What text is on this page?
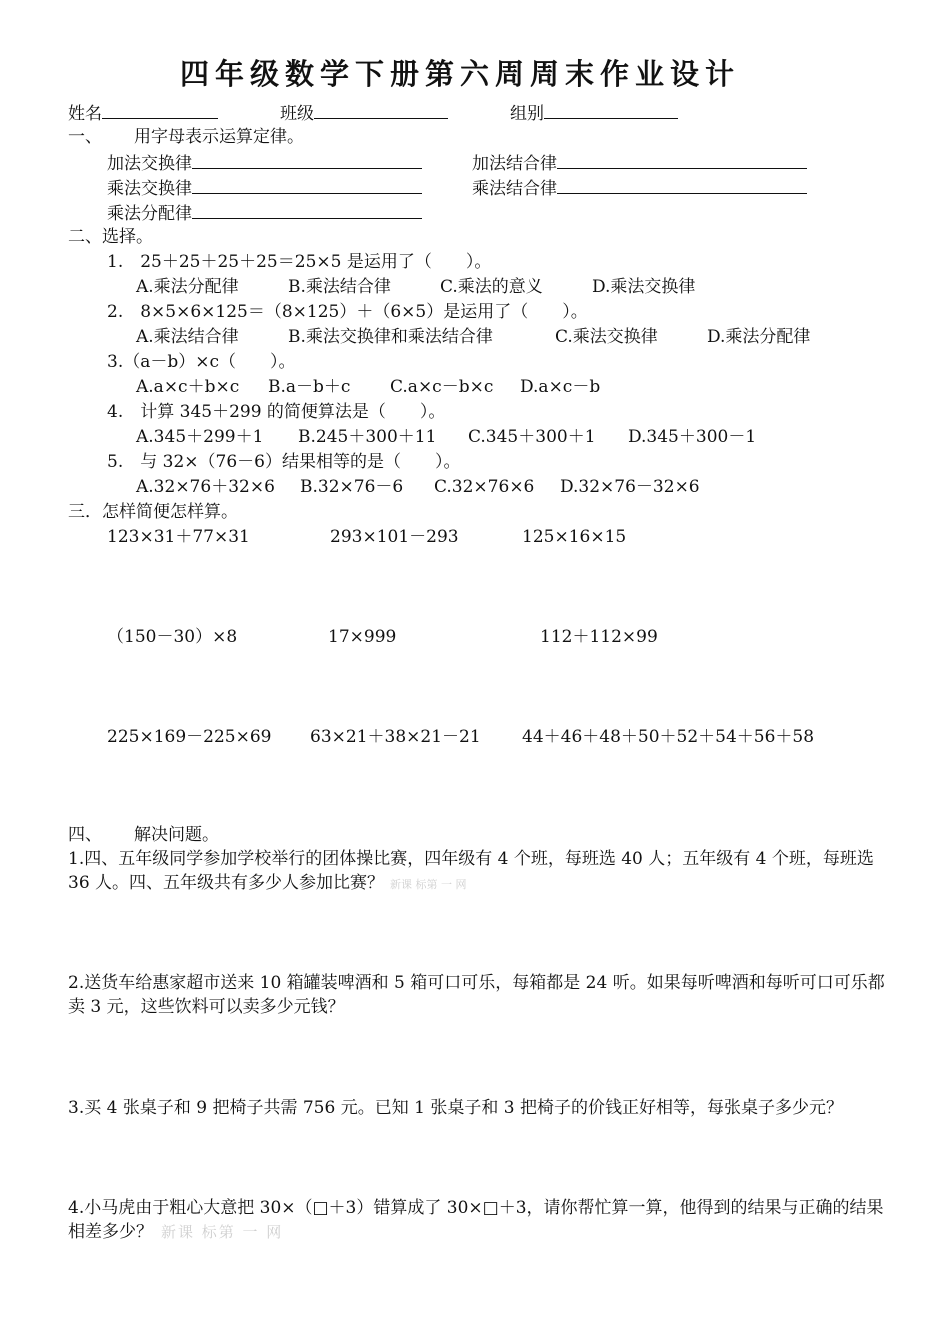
四年级数学下册第六周周末作业设计
姓名	班级	组别
一、 用字母表示运算定律。
加法交换律	加法结合律
乘法交换律	乘法结合律
乘法分配律
二、选择。
1.　25＋25＋25＋25＝25×5 是运用了（　　）。
A.乘法分配律	B.乘法结合律	C.乘法的意义	D.乘法交换律
2.　8×5×6×125＝（8×125）＋（6×5）是运用了（　　）。
A.乘法结合律	B.乘法交换律和乘法结合律	C.乘法交换律	D.乘法分配律
3.（a－b）×c（　　）。
A.a×c＋b×c B.a－b＋c C.a×c－b×c D.a×c－b
4.　计算 345＋299 的简便算法是（　　）。
A.345＋299＋1 B.245＋300＋11 C.345＋300＋1 D.345＋300－1
5.　与 32×（76－6）结果相等的是（　　）。
A.32×76＋32×6 B.32×76－6 C.32×76×6 D.32×76－32×6
三．怎样简便怎样算。
123×31＋77×31	293×101－293	125×16×15
（150－30）×8	17×999	112＋112×99
225×169－225×69 63×21＋38×21－21 44＋46＋48＋50＋52＋54＋56＋58
四、 解决问题。
1.四、五年级同学参加学校举行的团体操比赛，四年级有 4 个班，每班选 40 人；五年级有 4 个班，每班选 36 人。四、五年级共有多少人参加比赛？ 新课 标第 一 网
2.送货车给惠家超市送来 10 箱罐装啤酒和 5 箱可口可乐，每箱都是 24 听。如果每听啤酒和每听可口可乐都卖 3 元，这些饮料可以卖多少元钱？
3.买 4 张桌子和 9 把椅子共需 756 元。已知 1 张桌子和 3 把椅子的价钱正好相等，每张桌子多少元？
4.小马虎由于粗心大意把 30×（□＋3）错算成了 30×□＋3，请你帮忙算一算，他得到的结果与正确的结果相差多少？ 新课 标第 一 网
